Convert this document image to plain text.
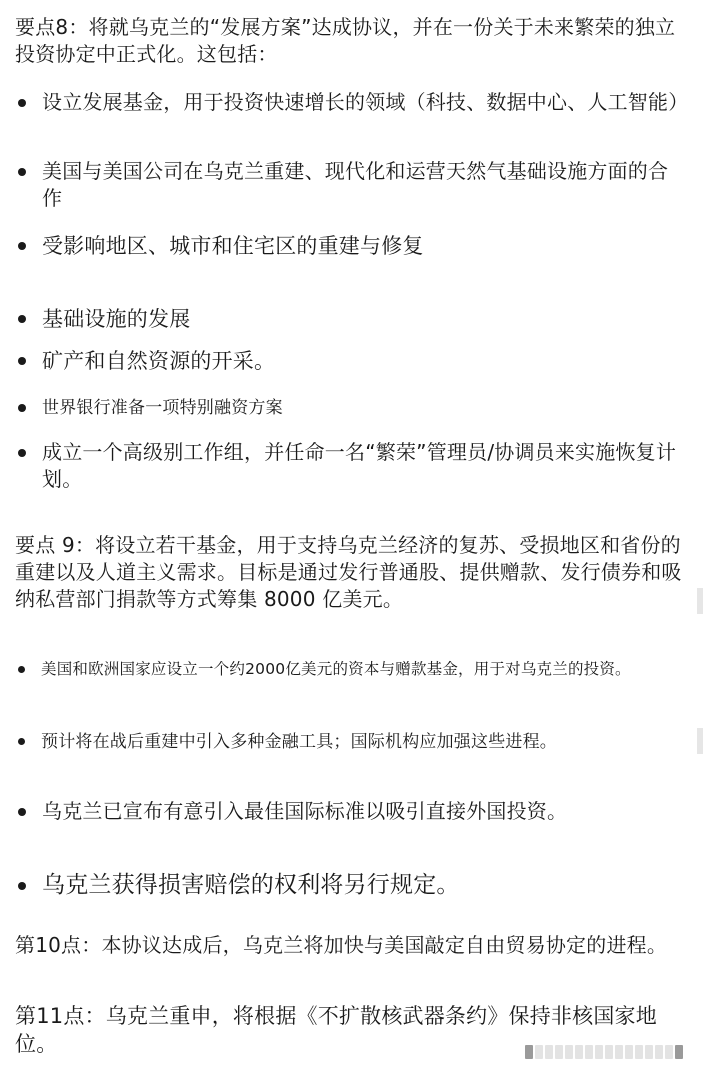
要点8：将就乌克兰的“发展方案”达成协议，并在一份关于未来繁荣的独立投资协定中正式化。这包括：

设立发展基金，用于投资快速增长的领域（科技、数据中心、人工智能）

美国与美国公司在乌克兰重建、现代化和运营天然气基础设施方面的合作

受影响地区、城市和住宅区的重建与修复

基础设施的发展

矿产和自然资源的开采。

世界银行准备一项特别融资方案

成立一个高级别工作组，并任命一名“繁荣”管理员/协调员来实施恢复计划。

要点 9：将设立若干基金，用于支持乌克兰经济的复苏、受损地区和省份的重建以及人道主义需求。目标是通过发行普通股、提供赠款、发行债券和吸纳私营部门捐款等方式筹集 8000 亿美元。

美国和欧洲国家应设立一个约2000亿美元的资本与赠款基金，用于对乌克兰的投资。

预计将在战后重建中引入多种金融工具；国际机构应加强这些进程。

乌克兰已宣布有意引入最佳国际标准以吸引直接外国投资。

乌克兰获得损害赔偿的权利将另行规定。

第10点：本协议达成后，乌克兰将加快与美国敲定自由贸易协定的进程。

第11点：乌克兰重申，将根据《不扩散核武器条约》保持非核国家地位。
